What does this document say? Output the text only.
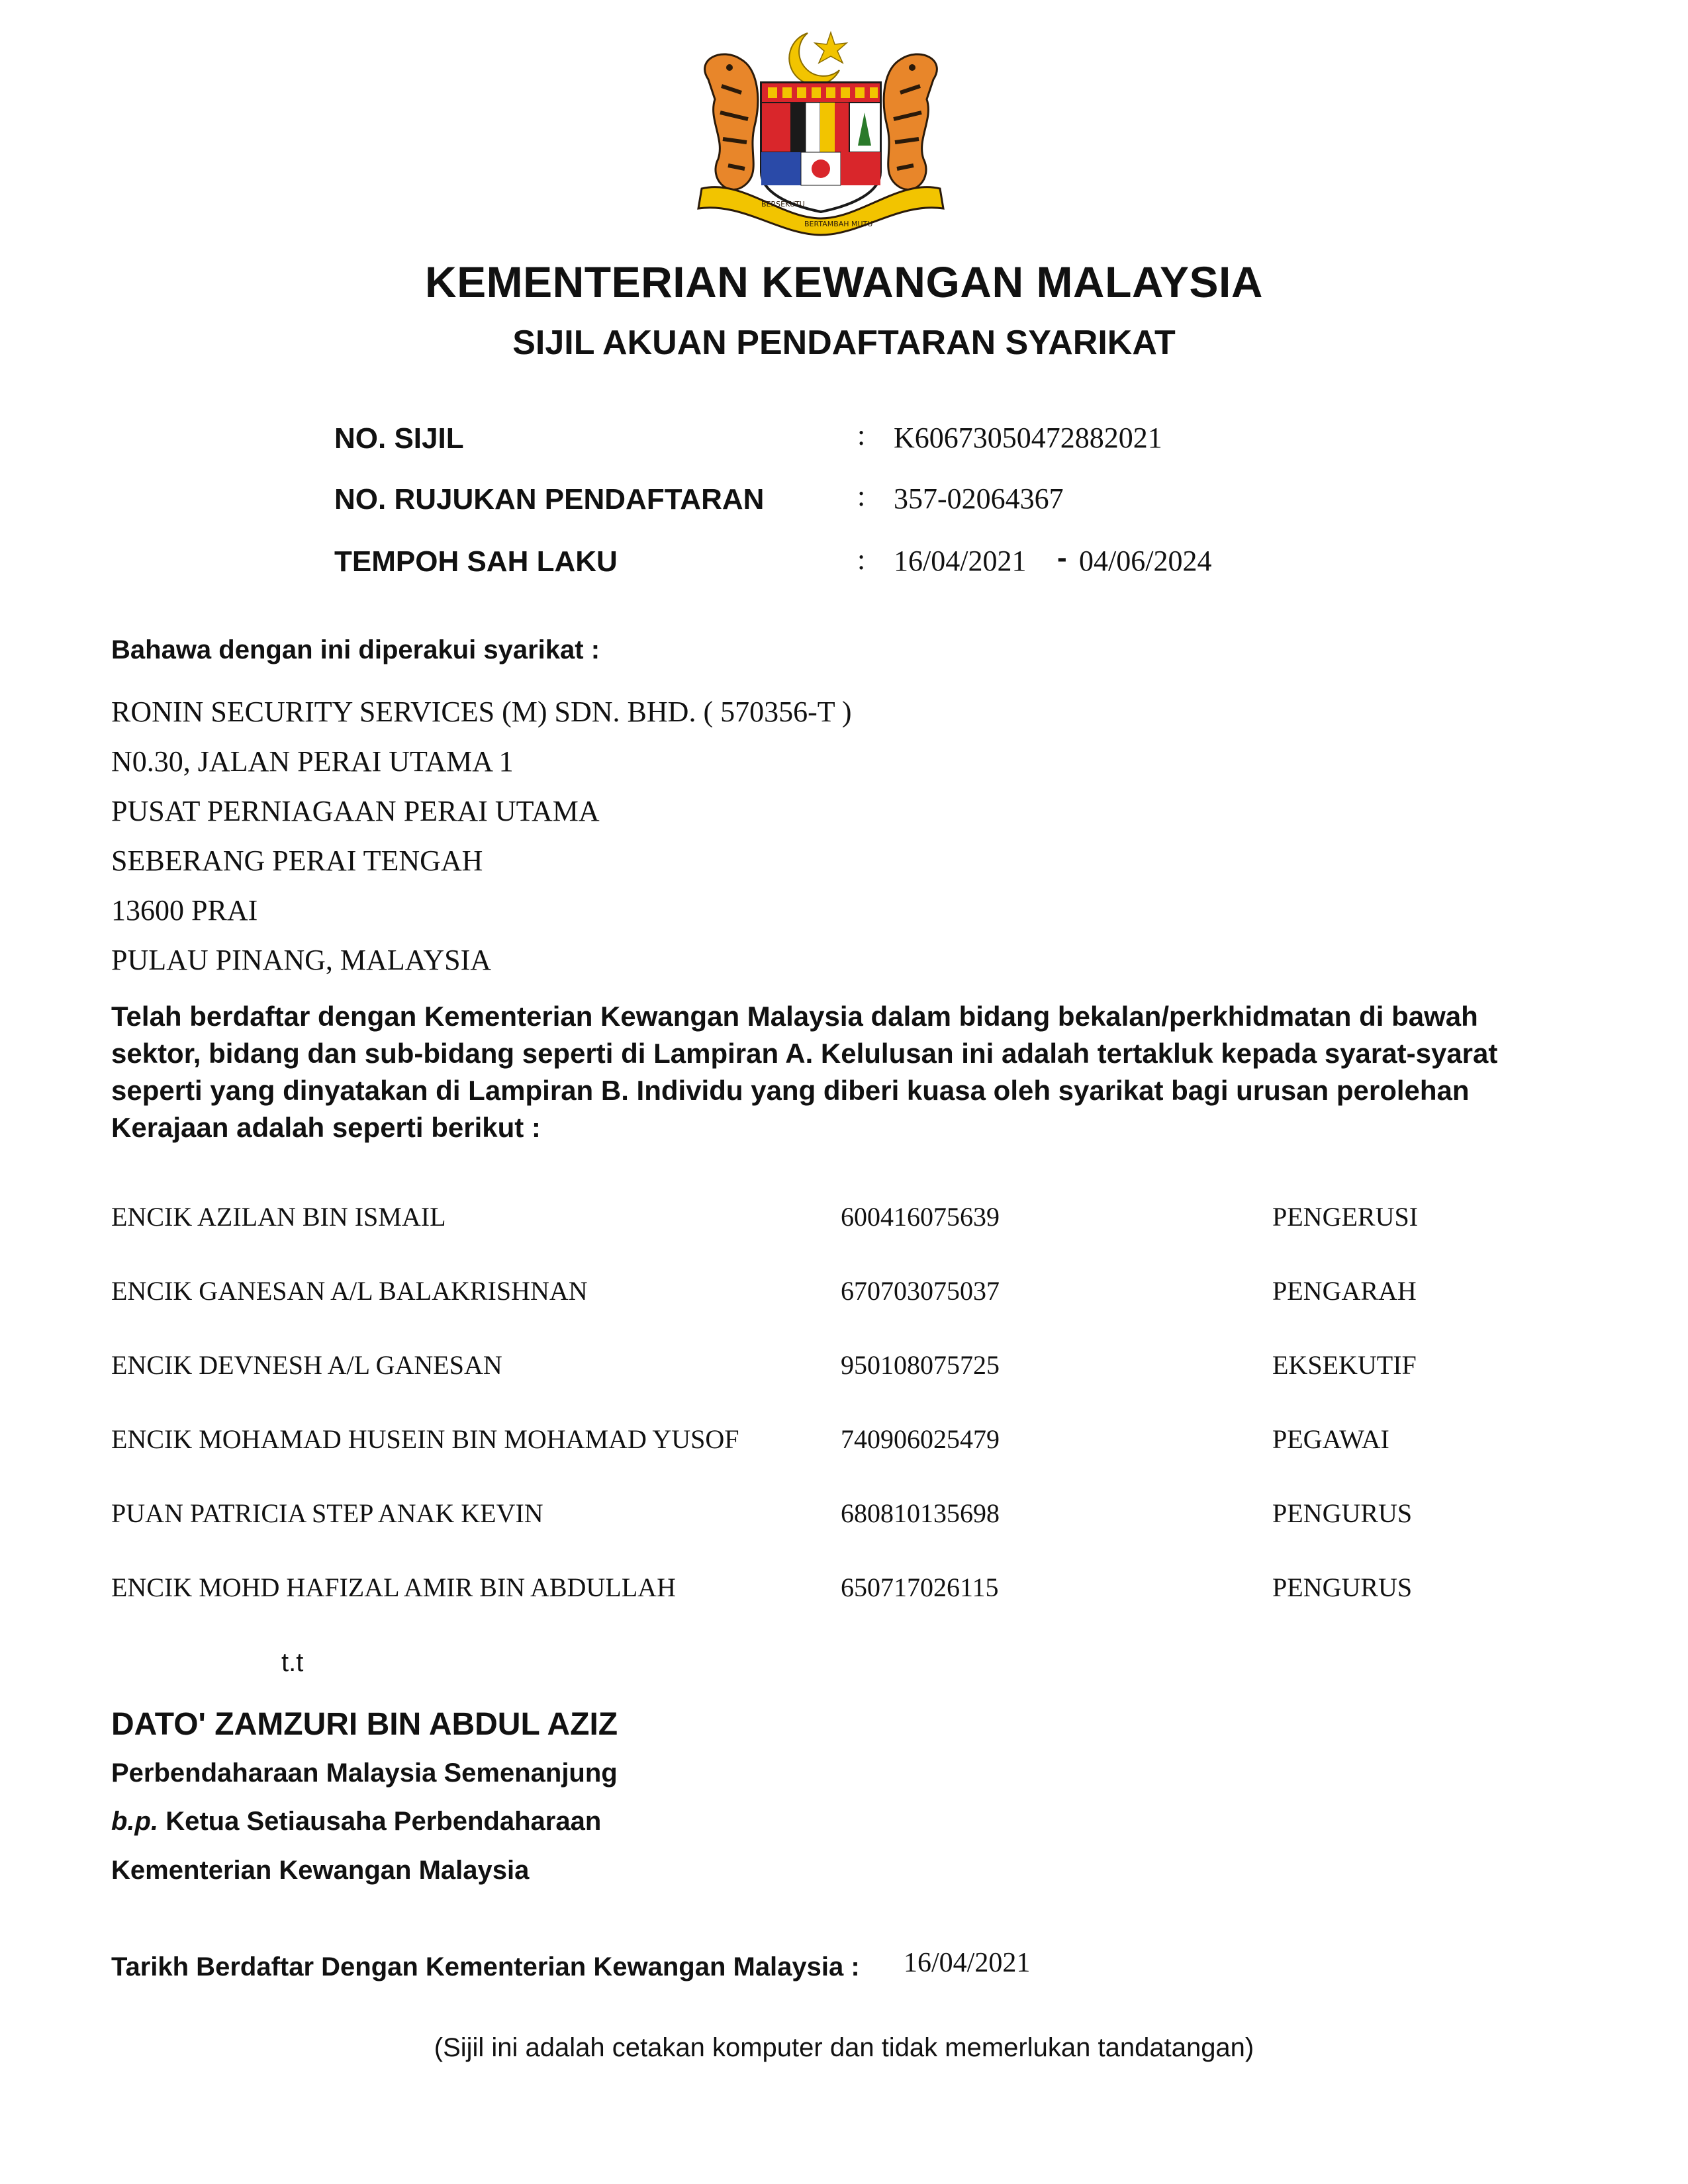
BERSEKUTU
BERTAMBAH MUTU
KEMENTERIAN KEWANGAN MALAYSIA
SIJIL AKUAN PENDAFTARAN SYARIKAT
NO. SIJIL	: K60673050472882021
NO. RUJUKAN PENDAFTARAN	: 357-02064367
TEMPOH SAH LAKU	: 16/04/2021 - 04/06/2024
Bahawa dengan ini diperakui syarikat :
RONIN SECURITY SERVICES (M) SDN. BHD. ( 570356-T )
N0.30, JALAN PERAI UTAMA 1
PUSAT PERNIAGAAN PERAI UTAMA
SEBERANG PERAI TENGAH
13600 PRAI
PULAU PINANG, MALAYSIA
Telah berdaftar dengan Kementerian Kewangan Malaysia dalam bidang bekalan/perkhidmatan di bawah sektor, bidang dan sub-bidang seperti di Lampiran A. Kelulusan ini adalah tertakluk kepada syarat-syarat seperti yang dinyatakan di Lampiran B. Individu yang diberi kuasa oleh syarikat bagi urusan perolehan Kerajaan adalah seperti berikut :
ENCIK AZILAN BIN ISMAIL	600416075639	PENGERUSI
ENCIK GANESAN A/L BALAKRISHNAN	670703075037	PENGARAH
ENCIK DEVNESH A/L GANESAN	950108075725	EKSEKUTIF
ENCIK MOHAMAD HUSEIN BIN MOHAMAD YUSOF	740906025479	PEGAWAI
PUAN PATRICIA STEP ANAK KEVIN	680810135698	PENGURUS
ENCIK MOHD HAFIZAL AMIR BIN ABDULLAH	650717026115	PENGURUS
t.t
DATO' ZAMZURI BIN ABDUL AZIZ
Perbendaharaan Malaysia Semenanjung
b.p. Ketua Setiausaha Perbendaharaan
Kementerian Kewangan Malaysia
Tarikh Berdaftar Dengan Kementerian Kewangan Malaysia : 16/04/2021
(Sijil ini adalah cetakan komputer dan tidak memerlukan tandatangan)
